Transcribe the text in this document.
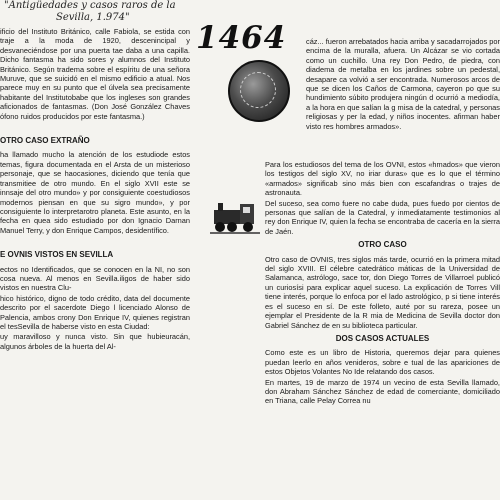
"Antigüedades y casos raros de la
Sevilla, 1.974"
1464

ificio del Instituto Británico, calle Fabiola, se estida con traje a la moda de 1920, descenincipal y desvaneciéndose por una puerta tae daba a una capilla. Dicho fantasma ha sido sores y alumnos del Instituto Británico. Según tradema sobre el espíritu de una señora Muruve, que se suicidó en el mismo edificio a atual. Nos parece muy en su punto que el úlvela sea precisamente habitante del Institutobabe que los ingleses son grandes aficionados de fantasmas. (Don José González Chaves ófono ruidos producidos por este fantasma.)

OTRO CASO EXTRAÑO

ha llamado mucho la atención de los estudiode estos temas, figura documentada en el Arsta de un misterioso personaje, que se haocasiones, diciendo que tenía que transmitiee de otro mundo. En el siglo XVII este se innsaje del otro mundo» y por consiguiente coestudiosos modernos piensan en que su sigro mundo», y por consiguiente lo interpretarotro planeta. Este asunto, en la fecha en quea sido estudiado por don Ignacio Darnan Manuel Terry, y don Enrique Campos, desidentífico.

E OVNIS VISTOS EN SEVILLA

ectos no Identificados, que se conocen en la NI, no son cosa nueva. Al menos en Sevilla.iligos de haber sido vistos en nuestra Clu-

hico histórico, digno de todo crédito, data del documente descrito por el sacerdote Diego l licenciado Alonso de Palencia, ambos crony Don Enrique IV, quienes registran el tesSevilla de haberse visto en esta Ciudad:

uy maravilloso y nunca visto. Sin que hubieuracán, algunos árboles de la huerta del Al-

cáz... fueron arrebatados hacia arriba y sacadarrojados por encima de la muralla, afuera. Un Alcázar se vio cortada como un cuchillo. Una rey Don Pedro, de piedra, con diadema de metalba en los jardines sobre un pedestal, desapare ca volvió a ser encontrada. Numerosos arcos de que se dicen los Caños de Carmona, cayeron po que su hundimiento súbito produjera ningún d ocurrió a mediodía, a la hora en que salían la g misa de la catedral, y personas religiosas y per la edad, y niños inocentes. afirman haber visto res hombres armados».

Para los estudiosos del tema de los OVNI, estos «hmados» que vieron los testigos del siglo XV, no iriar duras» que es lo que el término «armados» significab sino más bien con escafandras o trajes de astronauta.

Del suceso, sea como fuere no cabe duda, pues fuedo por cientos de personas que salían de la Catedral, y inmediatamente testimonios al rey don Enrique IV, quien la fecha se encontraba de cacería en la sierra de Jaén.

OTRO CASO

Otro caso de OVNIS, tres siglos más tarde, ocurrió en la primera mitad del siglo XVIII. El célebre catedrático máticas de la Universidad de Salamanca, astrólogo, sace tor, don Diego Torres de Villarroel publicó un curiosísi para explicar aquel suceso. La explicación de Torres Vill tiene interés, porque lo enfoca por el lado astrológico, p si tiene interés es el suceso en sí. De este folleto, auté por su rareza, posee un ejemplar el Presidente de la R mia de Medicina de Sevilla doctor don Gabriel Sánchez de en su biblioteca particular.

DOS CASOS ACTUALES

Como este es un libro de Historia, queremos dejar para quienes puedan leerlo en años venideros, sobre e tual de las apariciones de estos Objetos Volantes No Ide relatando dos casos.

En martes, 19 de marzo de 1974 un vecino de esta Sevilla llamado, don Abraham Sánchez Sánchez de edad de comerciante, domiciliado en Triana, calle Pelay Correa nu
